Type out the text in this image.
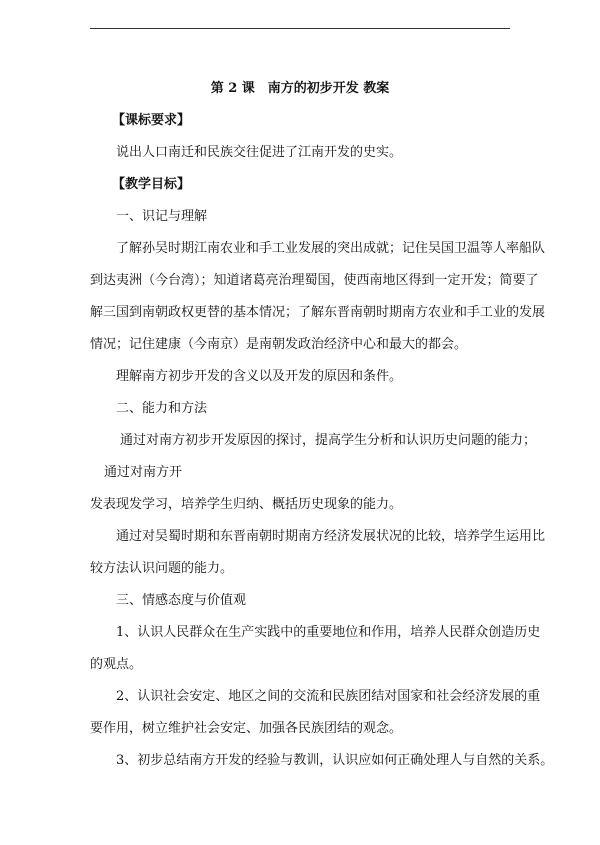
第 2 课　南方的初步开发 教案
【课标要求】
说出人口南迁和民族交往促进了江南开发的史实。
【教学目标】
一、识记与理解
了解孙吴时期江南农业和手工业发展的突出成就；记住吴国卫温等人率船队
到达夷洲（今台湾）；知道诸葛亮治理蜀国，使西南地区得到一定开发；简要了
解三国到南朝政权更替的基本情况；了解东晋南朝时期南方农业和手工业的发展
情况；记住建康（今南京）是南朝发政治经济中心和最大的都会。
理解南方初步开发的含义以及开发的原因和条件。
二、能力和方法
通过对南方初步开发原因的探讨，提高学生分析和认识历史问题的能力；
通过对南方开
发表现发学习，培养学生归纳、概括历史现象的能力。
通过对吴蜀时期和东晋南朝时期南方经济发展状况的比较，培养学生运用比
较方法认识问题的能力。
三、情感态度与价值观
1、认识人民群众在生产实践中的重要地位和作用，培养人民群众创造历史
的观点。
2、认识社会安定、地区之间的交流和民族团结对国家和社会经济发展的重
要作用，树立维护社会安定、加强各民族团结的观念。
3、初步总结南方开发的经验与教训，认识应如何正确处理人与自然的关系。
